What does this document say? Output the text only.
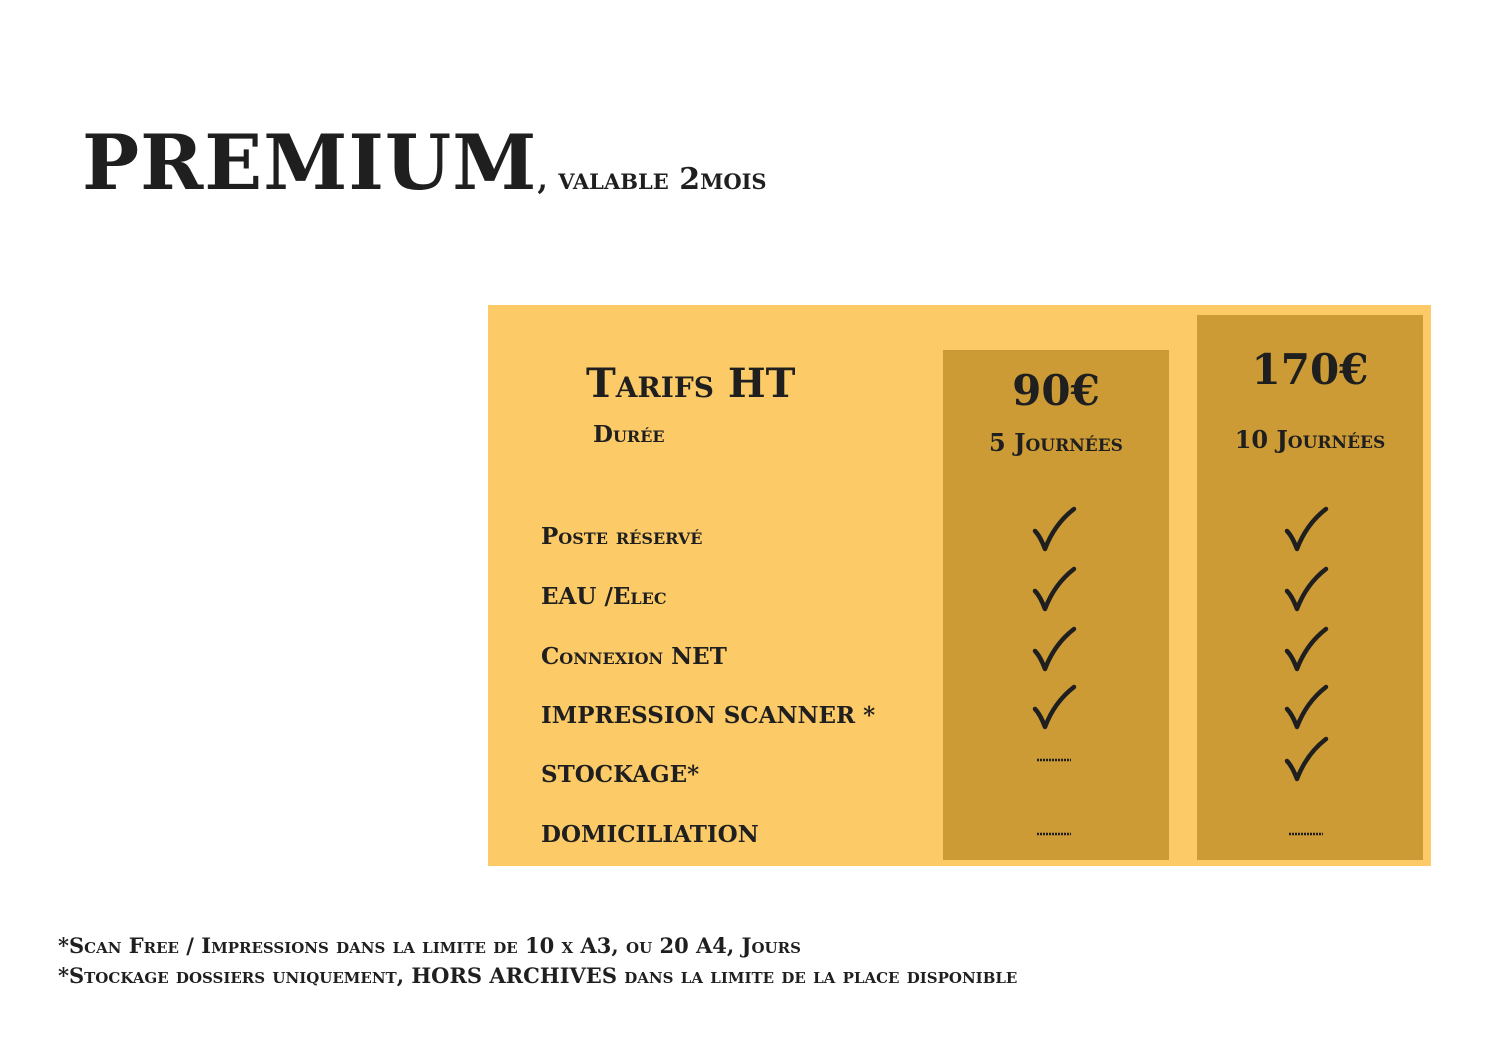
PREMIUM, valable 2mois
Tarifs HT
Durée
90€
5 Journées
170€
10 Journées
Poste réservé
EAU /Elec
Connexion NET
IMPRESSION SCANNER *
STOCKAGE*
DOMICILIATION
*Scan Free / Impressions dans la limite de 10 x A3, ou 20 A4, Jours
*Stockage dossiers uniquement, HORS ARCHIVES dans la limite de la place disponible
